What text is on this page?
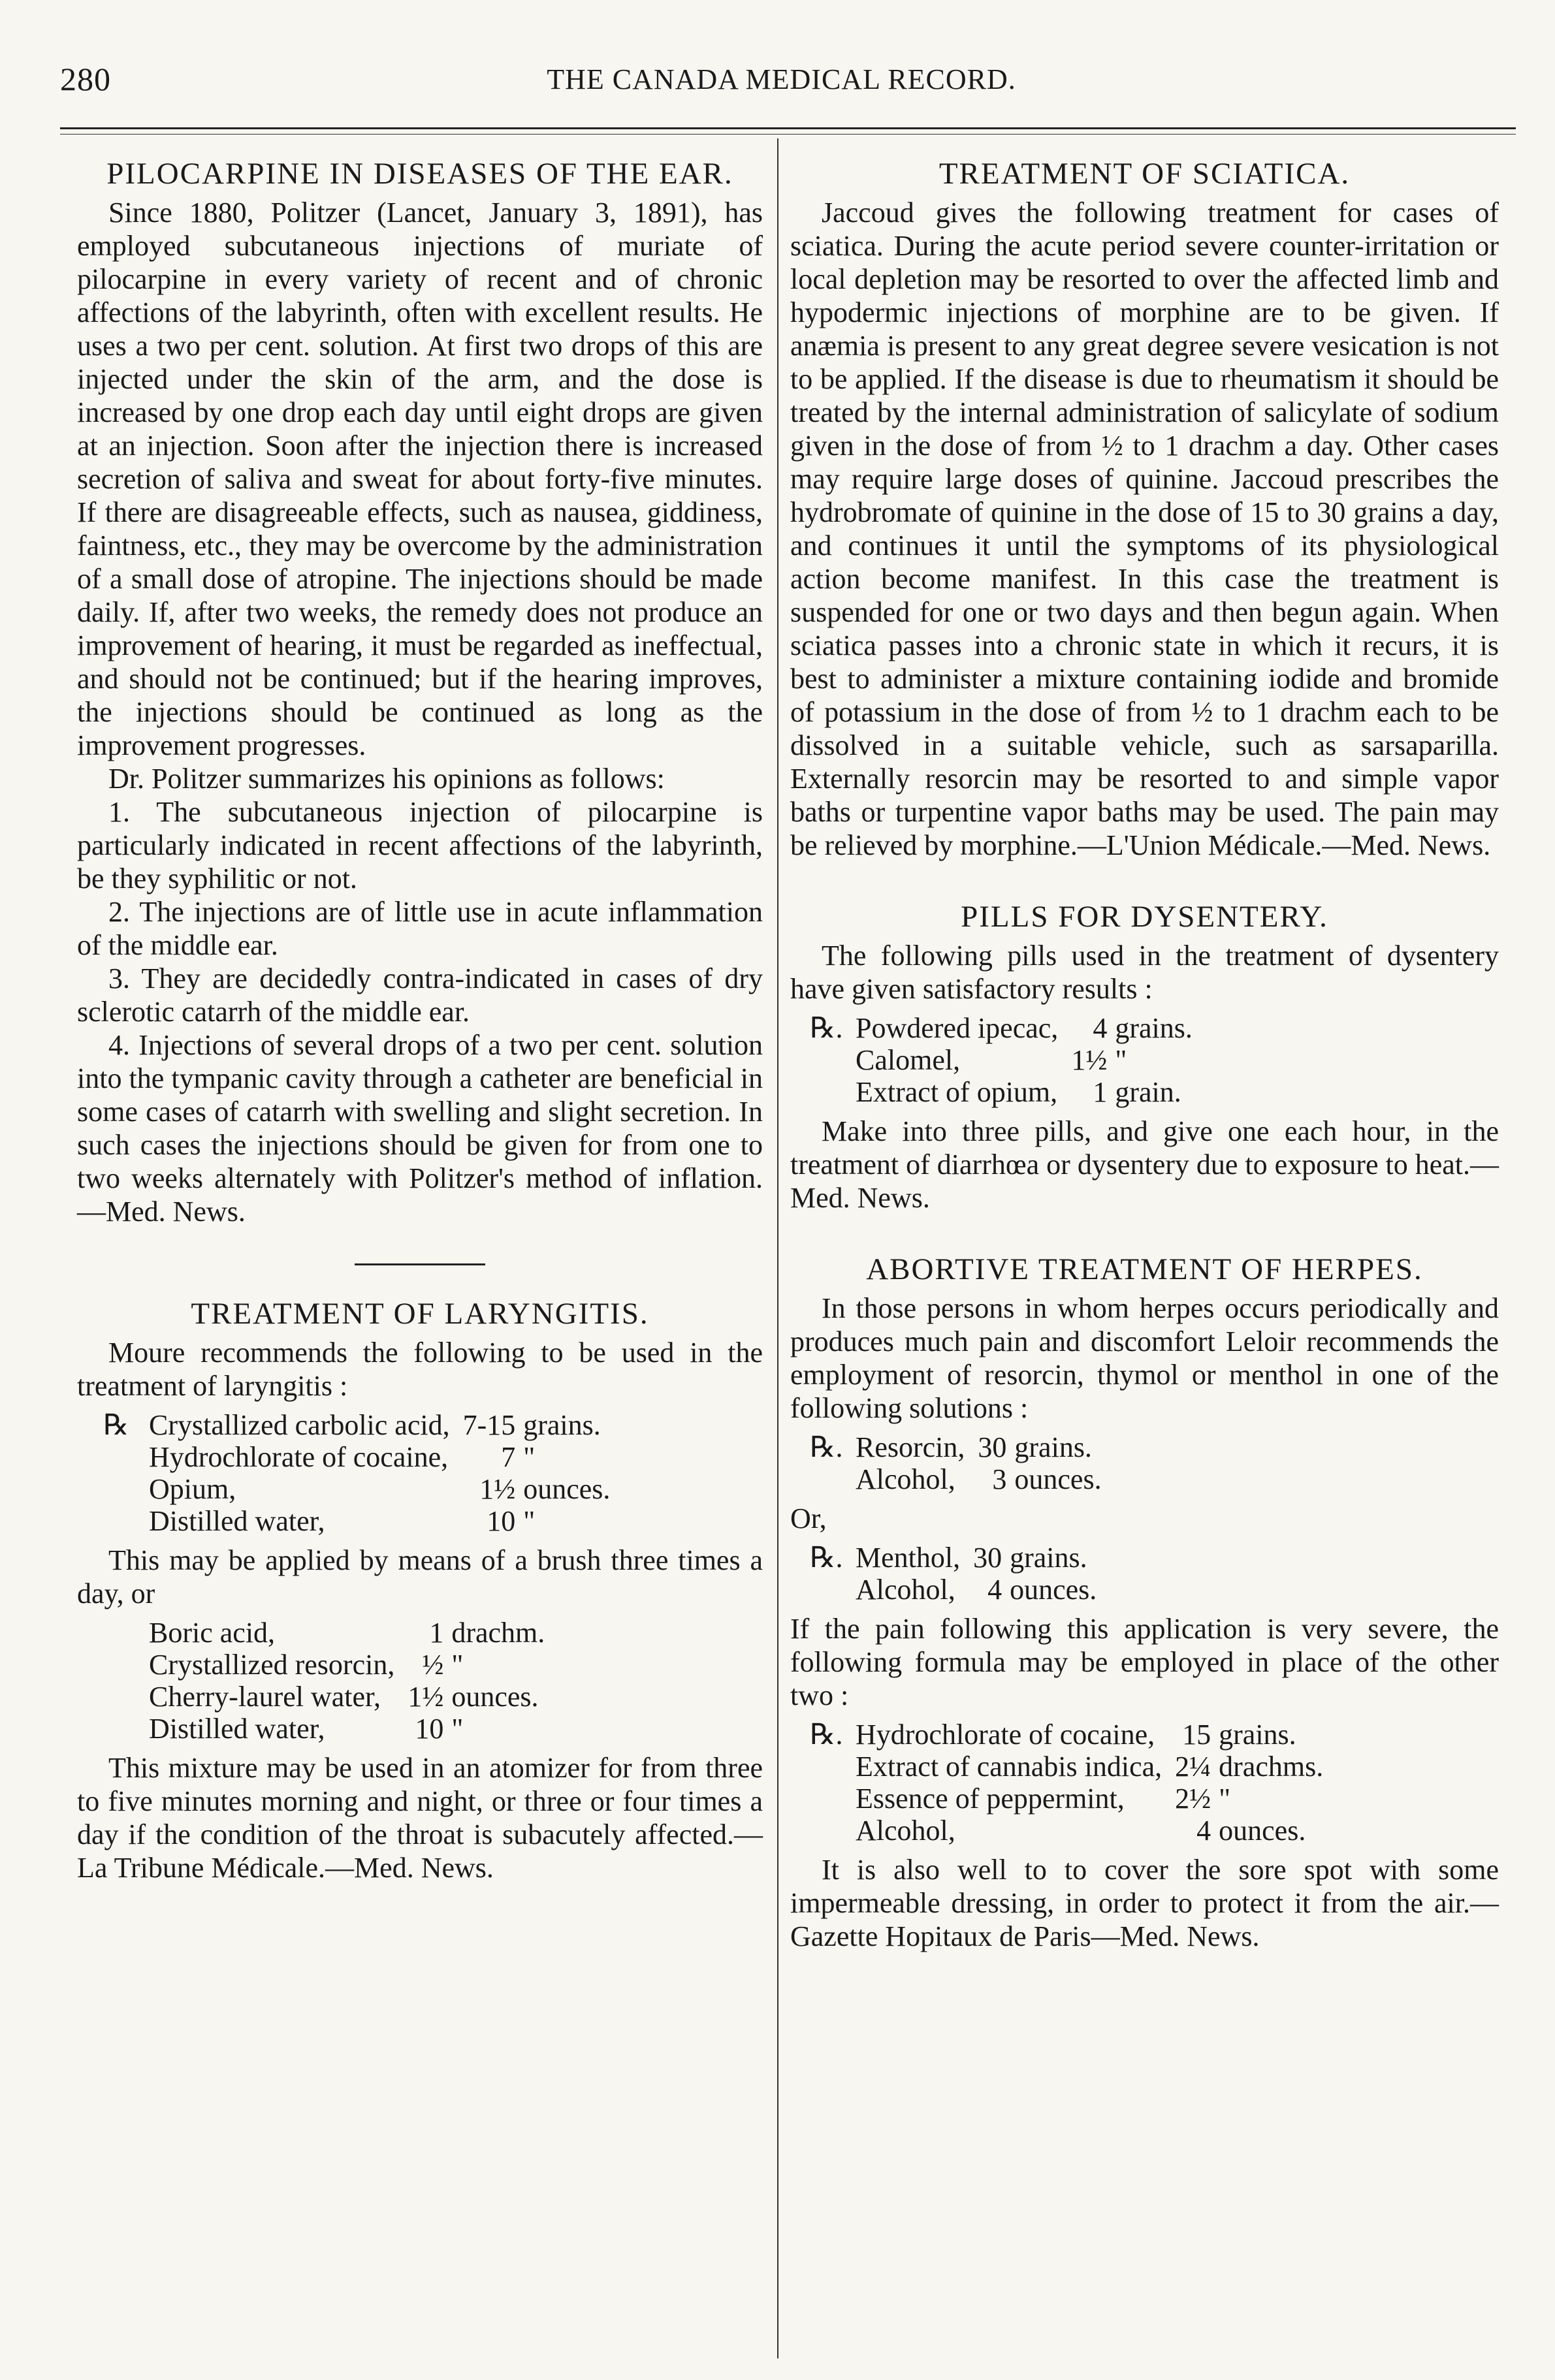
280	THE CANADA MEDICAL RECORD.
PILOCARPINE IN DISEASES OF THE EAR.

Since 1880, Politzer (Lancet, January 3, 1891), has employed subcutaneous injections of muriate of pilocarpine in every variety of recent and of chronic affections of the labyrinth, often with excellent results. He uses a two per cent. solution. At first two drops of this are injected under the skin of the arm, and the dose is increased by one drop each day until eight drops are given at an injection. Soon after the injection there is increased secretion of saliva and sweat for about forty-five minutes. If there are disagreeable effects, such as nausea, giddiness, faintness, etc., they may be overcome by the administration of a small dose of atropine. The injections should be made daily. If, after two weeks, the remedy does not produce an improvement of hearing, it must be regarded as ineffectual, and should not be continued; but if the hearing improves, the injections should be continued as long as the improvement progresses.

Dr. Politzer summarizes his opinions as follows:

1. The subcutaneous injection of pilocarpine is particularly indicated in recent affections of the labyrinth, be they syphilitic or not.

2. The injections are of little use in acute inflammation of the middle ear.

3. They are decidedly contra-indicated in cases of dry sclerotic catarrh of the middle ear.

4. Injections of several drops of a two per cent. solution into the tympanic cavity through a catheter are beneficial in some cases of catarrh with swelling and slight secretion. In such cases the injections should be given for from one to two weeks alternately with Politzer's method of inflation.—Med. News.

TREATMENT OF LARYNGITIS.

Moure recommends the following to be used in the treatment of laryngitis :

℞	Crystallized carbolic acid,	7-15	grains.
	Hydrochlorate of cocaine,	7	"
	Opium,	1½	ounces.
	Distilled water,	10	"

This may be applied by means of a brush three times a day, or

	Boric acid,	1	drachm.
	Crystallized resorcin,	½	"
	Cherry-laurel water,	1½	ounces.
	Distilled water,	10	"

This mixture may be used in an atomizer for from three to five minutes morning and night, or three or four times a day if the condition of the throat is subacutely affected.—La Tribune Médicale.—Med. News.

TREATMENT OF SCIATICA.

Jaccoud gives the following treatment for cases of sciatica. During the acute period severe counter-irritation or local depletion may be resorted to over the affected limb and hypodermic injections of morphine are to be given. If anæmia is present to any great degree severe vesication is not to be applied. If the disease is due to rheumatism it should be treated by the internal administration of salicylate of sodium given in the dose of from ½ to 1 drachm a day. Other cases may require large doses of quinine. Jaccoud prescribes the hydrobromate of quinine in the dose of 15 to 30 grains a day, and continues it until the symptoms of its physiological action become manifest. In this case the treatment is suspended for one or two days and then begun again. When sciatica passes into a chronic state in which it recurs, it is best to administer a mixture containing iodide and bromide of potassium in the dose of from ½ to 1 drachm each to be dissolved in a suitable vehicle, such as sarsaparilla. Externally resorcin may be resorted to and simple vapor baths or turpentine vapor baths may be used. The pain may be relieved by morphine.—L'Union Médicale.—Med. News.

PILLS FOR DYSENTERY.

The following pills used in the treatment of dysentery have given satisfactory results :

℞.	Powdered ipecac,	4	grains.
	Calomel,	1½	"
	Extract of opium,	1	grain.

Make into three pills, and give one each hour, in the treatment of diarrhœa or dysentery due to exposure to heat.—Med. News.

ABORTIVE TREATMENT OF HERPES.

In those persons in whom herpes occurs periodically and produces much pain and discomfort Leloir recommends the employment of resorcin, thymol or menthol in one of the following solutions :

℞.	Resorcin,	30	grains.
	Alcohol,	3	ounces.

Or,

℞.	Menthol,	30	grains.
	Alcohol,	4	ounces.

If the pain following this application is very severe, the following formula may be employed in place of the other two :

℞.	Hydrochlorate of cocaine,	15	grains.
	Extract of cannabis indica,	2¼	drachms.
	Essence of peppermint,	2½	"
	Alcohol,	4	ounces.

It is also well to to cover the sore spot with some impermeable dressing, in order to protect it from the air.—Gazette Hopitaux de Paris—Med. News.
